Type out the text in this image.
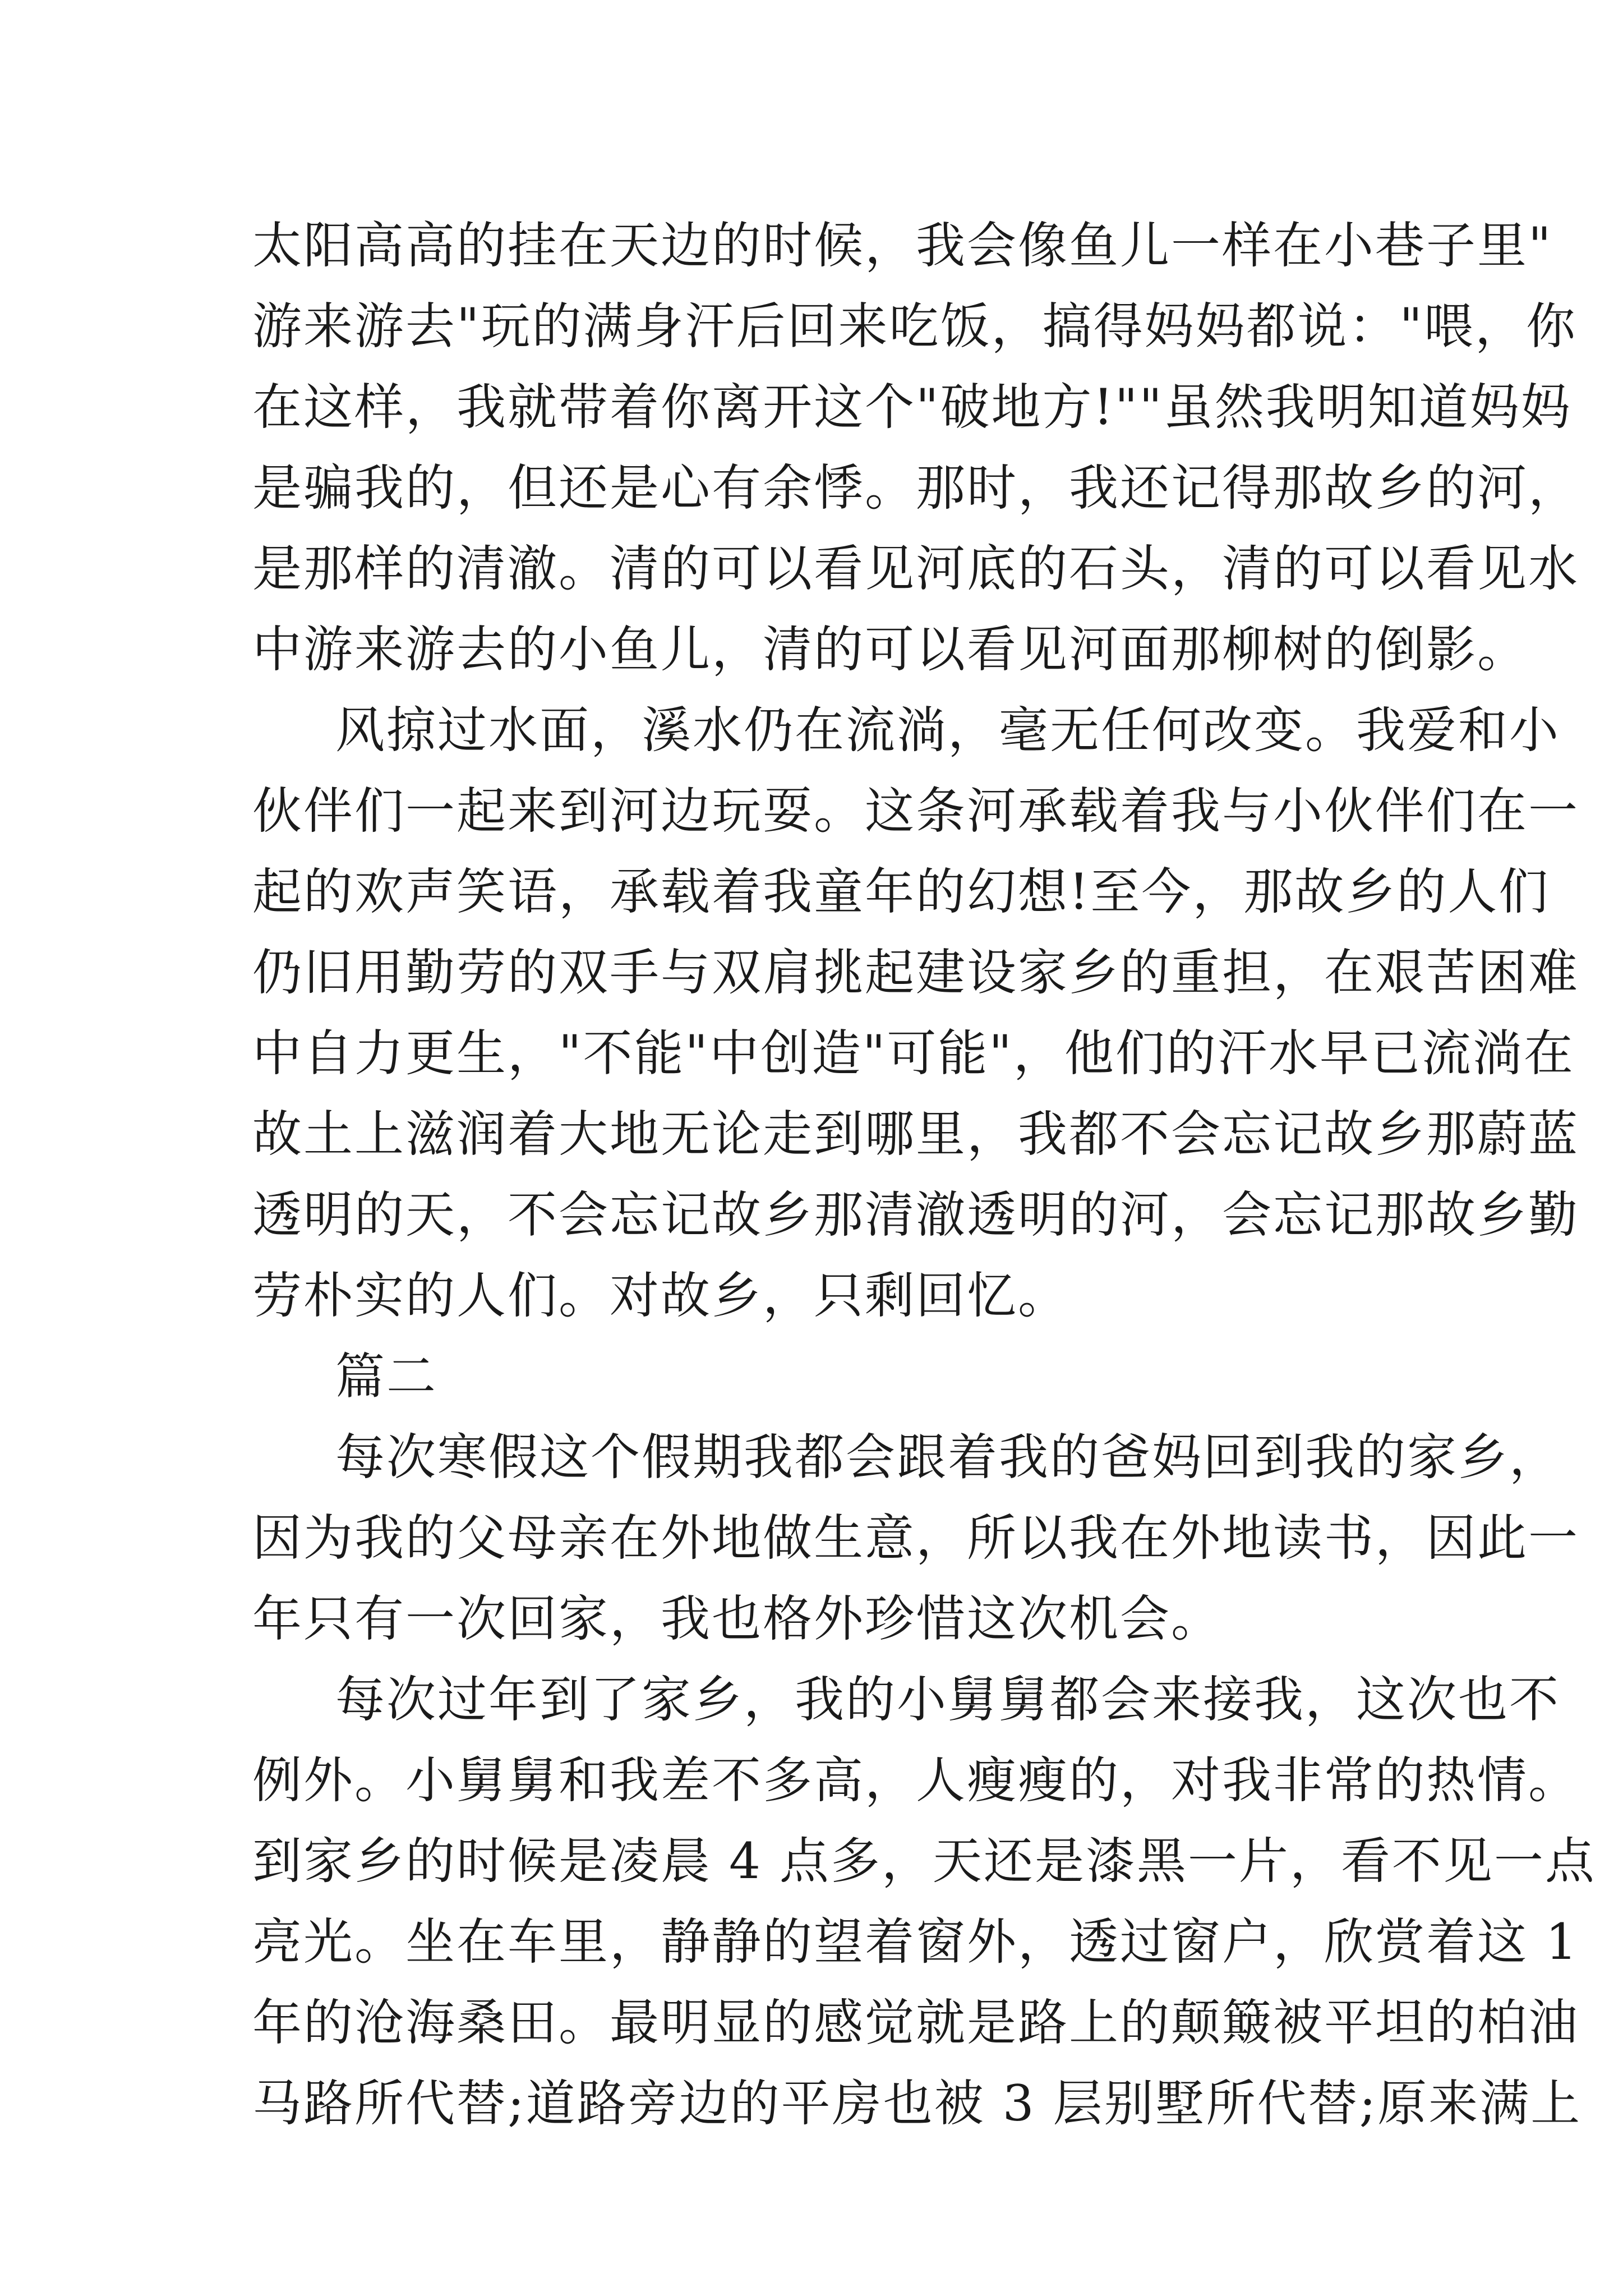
太阳高高的挂在天边的时候，我会像鱼儿一样在小巷子里"
游来游去"玩的满身汗后回来吃饭，搞得妈妈都说："喂，你
在这样，我就带着你离开这个"破地方!""虽然我明知道妈妈
是骗我的，但还是心有余悸。那时，我还记得那故乡的河，
是那样的清澈。清的可以看见河底的石头，清的可以看见水
中游来游去的小鱼儿，清的可以看见河面那柳树的倒影。
风掠过水面，溪水仍在流淌，毫无任何改变。我爱和小
伙伴们一起来到河边玩耍。这条河承载着我与小伙伴们在一
起的欢声笑语，承载着我童年的幻想!至今，那故乡的人们
仍旧用勤劳的双手与双肩挑起建设家乡的重担，在艰苦困难
中自力更生，"不能"中创造"可能"，他们的汗水早已流淌在
故土上滋润着大地无论走到哪里，我都不会忘记故乡那蔚蓝
透明的天，不会忘记故乡那清澈透明的河，会忘记那故乡勤
劳朴实的人们。对故乡，只剩回忆。
篇二
每次寒假这个假期我都会跟着我的爸妈回到我的家乡，
因为我的父母亲在外地做生意，所以我在外地读书，因此一
年只有一次回家，我也格外珍惜这次机会。
每次过年到了家乡，我的小舅舅都会来接我，这次也不
例外。小舅舅和我差不多高，人瘦瘦的，对我非常的热情。
到家乡的时候是凌晨 4 点多，天还是漆黑一片，看不见一点
亮光。坐在车里，静静的望着窗外，透过窗户，欣赏着这 1
年的沧海桑田。最明显的感觉就是路上的颠簸被平坦的柏油
马路所代替;道路旁边的平房也被 3 层别墅所代替;原来满上
